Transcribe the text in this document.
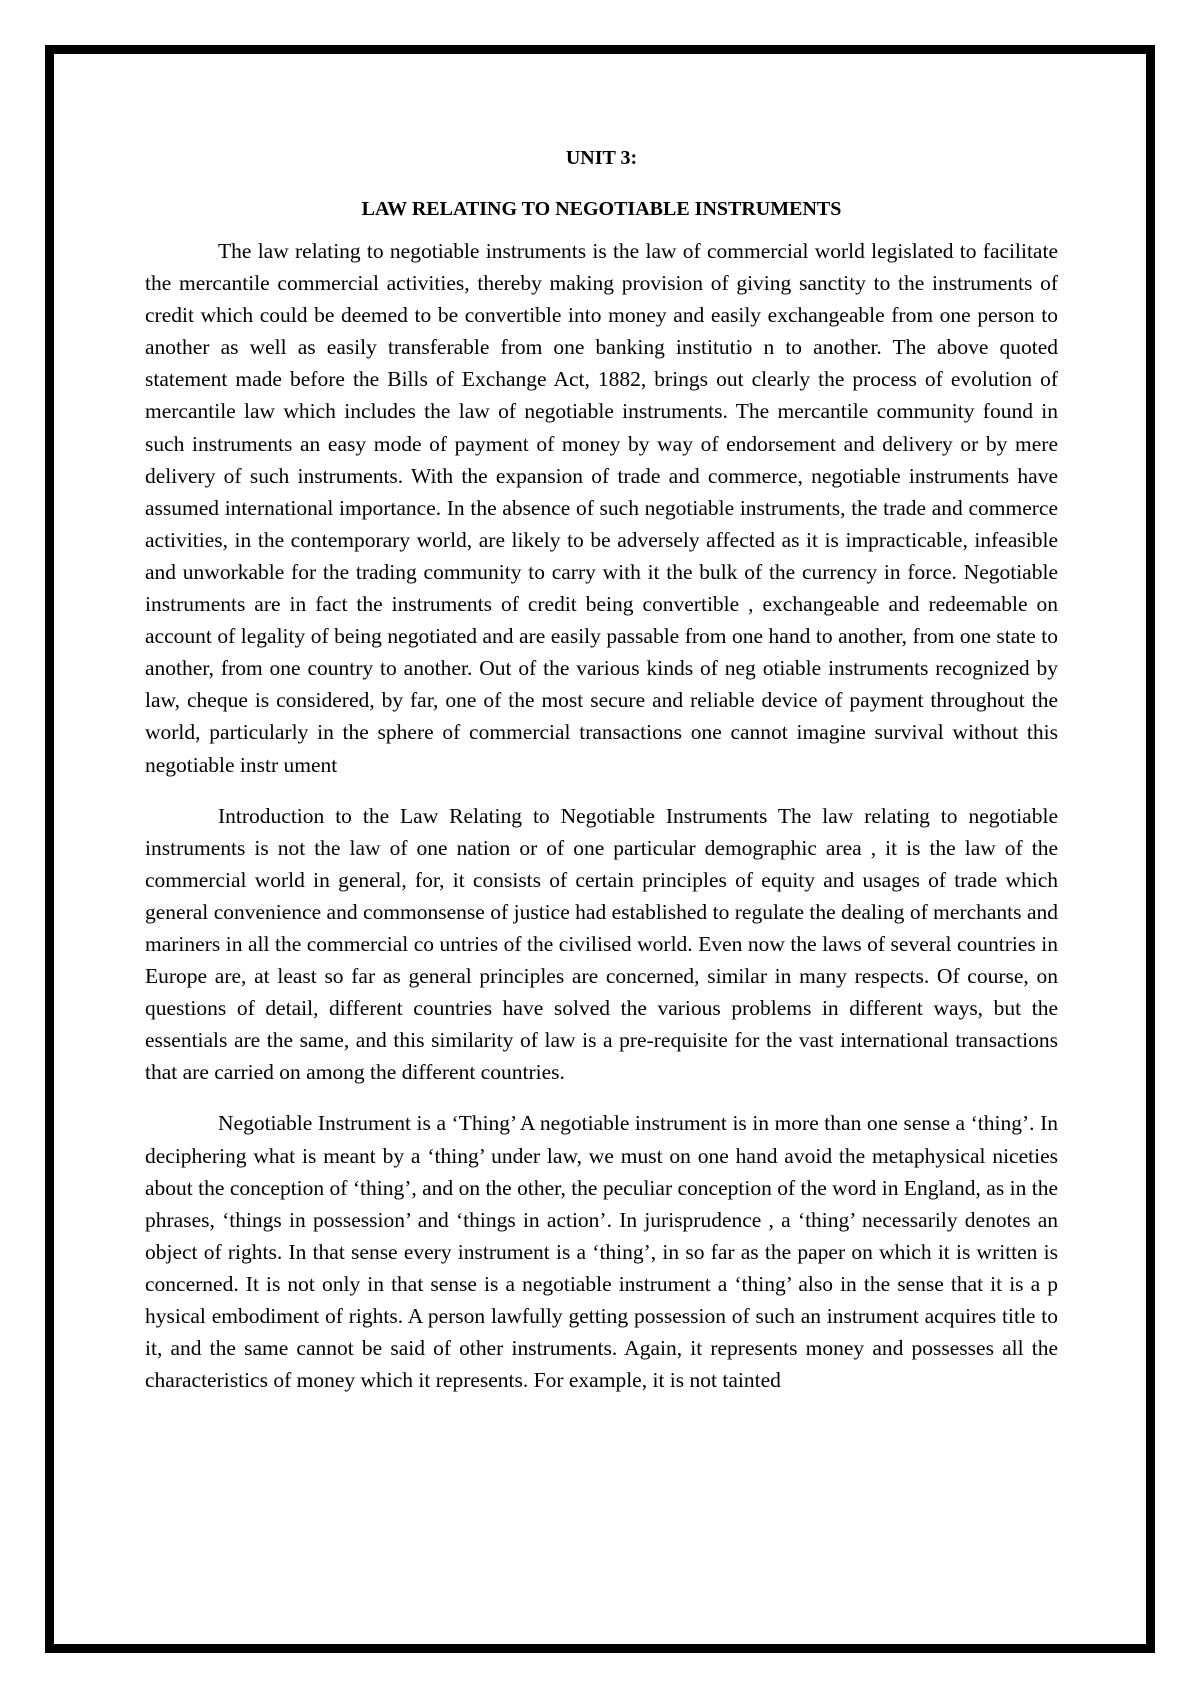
UNIT 3:
LAW RELATING TO NEGOTIABLE INSTRUMENTS

The law relating to negotiable instruments is the law of commercial world legislated to facilitate the mercantile commercial activities, thereby making provision of giving sanctity to the instruments of credit which could be deemed to be convertible into money and easily exchangeable from one person to another as well as easily transferable from one banking institutio n to another. The above quoted statement made before the Bills of Exchange Act, 1882, brings out clearly the process of evolution of mercantile law which includes the law of negotiable instruments. The mercantile community found in such instruments an easy mode of payment of money by way of endorsement and delivery or by mere delivery of such instruments. With the expansion of trade and commerce, negotiable instruments have assumed international importance. In the absence of such negotiable instruments, the trade and commerce activities, in the contemporary world, are likely to be adversely affected as it is impracticable, infeasible and unworkable for the trading community to carry with it the bulk of the currency in force. Negotiable instruments are in fact the instruments of credit being convertible , exchangeable and redeemable on account of legality of being negotiated and are easily passable from one hand to another, from one state to another, from one country to another. Out of the various kinds of neg otiable instruments recognized by law, cheque is considered, by far, one of the most secure and reliable device of payment throughout the world, particularly in the sphere of commercial transactions one cannot imagine survival without this negotiable instr ument

Introduction to the Law Relating to Negotiable Instruments The law relating to negotiable instruments is not the law of one nation or of one particular demographic area , it is the law of the commercial world in general, for, it consists of certain principles of equity and usages of trade which general convenience and commonsense of justice had established to regulate the dealing of merchants and mariners in all the commercial co untries of the civilised world. Even now the laws of several countries in Europe are, at least so far as general principles are concerned, similar in many respects. Of course, on questions of detail, different countries have solved the various problems in different ways, but the essentials are the same, and this similarity of law is a pre-requisite for the vast international transactions that are carried on among the different countries.

Negotiable Instrument is a ‘Thing’ A negotiable instrument is in more than one sense a ‘thing’. In deciphering what is meant by a ‘thing’ under law, we must on one hand avoid the metaphysical niceties about the conception of ‘thing’, and on the other, the peculiar conception of the word in England, as in the phrases, ‘things in possession’ and ‘things in action’. In jurisprudence , a ‘thing’ necessarily denotes an object of rights. In that sense every instrument is a ‘thing’, in so far as the paper on which it is written is concerned. It is not only in that sense is a negotiable instrument a ‘thing’ also in the sense that it is a p hysical embodiment of rights. A person lawfully getting possession of such an instrument acquires title to it, and the same cannot be said of other instruments. Again, it represents money and possesses all the characteristics of money which it represents. For example, it is not tainted
